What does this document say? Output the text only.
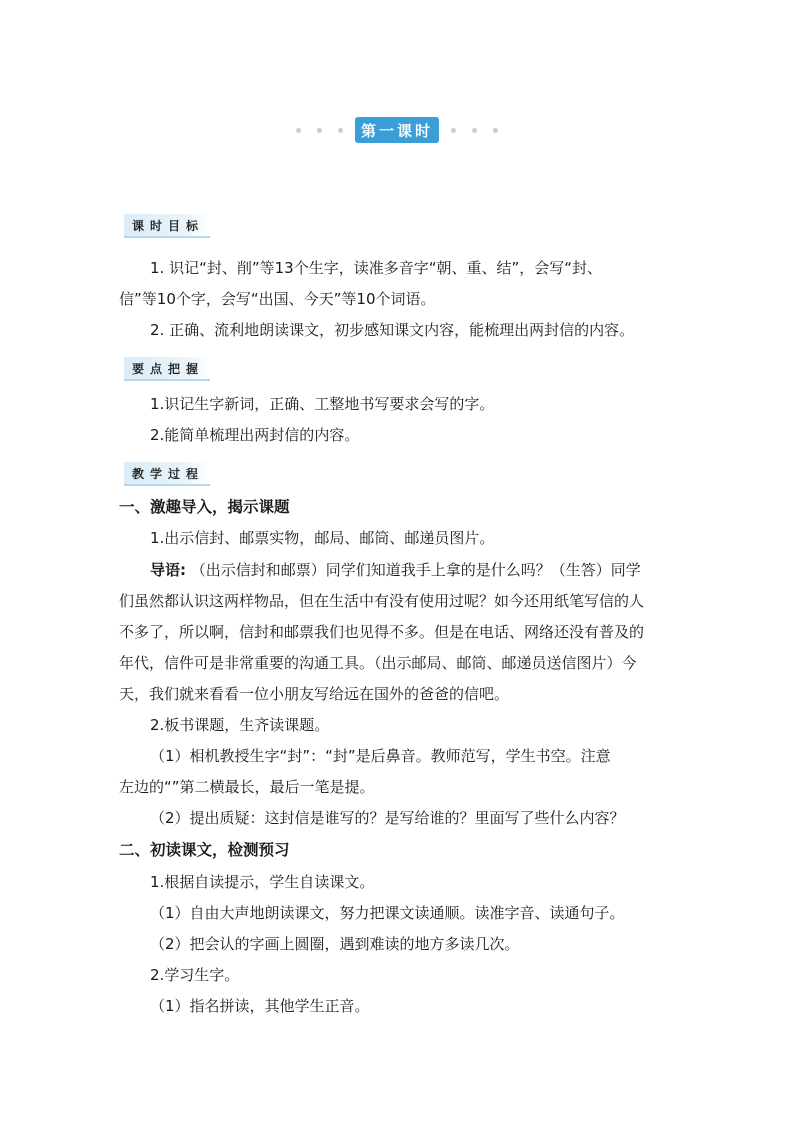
第一课时
课时目标
1. 识记“封、削”等13个生字，读准多音字“朝、重、结”，会写“封、
信”等10个字，会写“出国、今天”等10个词语。
2. 正确、流利地朗读课文，初步感知课文内容，能梳理出两封信的内容。
要点把握
1.识记生字新词，正确、工整地书写要求会写的字。
2.能简单梳理出两封信的内容。
教学过程
一、激趣导入，揭示课题
1.出示信封、邮票实物，邮局、邮筒、邮递员图片。
导语: （出示信封和邮票）同学们知道我手上拿的是什么吗？（生答）同学
们虽然都认识这两样物品，但在生活中有没有使用过呢？如今还用纸笔写信的人
不多了，所以啊，信封和邮票我们也见得不多。但是在电话、网络还没有普及的
年代，信件可是非常重要的沟通工具。（出示邮局、邮筒、邮递员送信图片）今
天，我们就来看看一位小朋友写给远在国外的爸爸的信吧。
2.板书课题，生齐读课题。
（1）相机教授生字“封”：“封”是后鼻音。教师范写，学生书空。注意
左边的“”第二横最长，最后一笔是提。
（2）提出质疑：这封信是谁写的？是写给谁的？里面写了些什么内容？
二、初读课文，检测预习
1.根据自读提示，学生自读课文。
（1）自由大声地朗读课文，努力把课文读通顺。读准字音、读通句子。
（2）把会认的字画上圆圈，遇到难读的地方多读几次。
2.学习生字。
（1）指名拼读，其他学生正音。
